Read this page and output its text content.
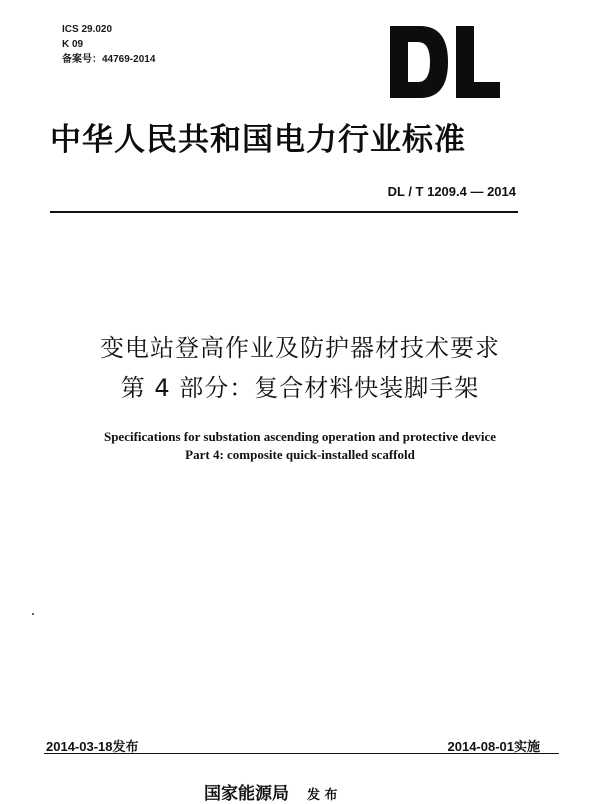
ICS 29.020
K 09
备案号：44769-2014
中华人民共和国电力行业标准
DL / T 1209.4 — 2014
变电站登高作业及防护器材技术要求
第 4 部分：复合材料快装脚手架
Specifications for substation ascending operation and protective device
Part 4: composite quick-installed scaffold
2014-03-18发布	2014-08-01实施
国家能源局 发 布
